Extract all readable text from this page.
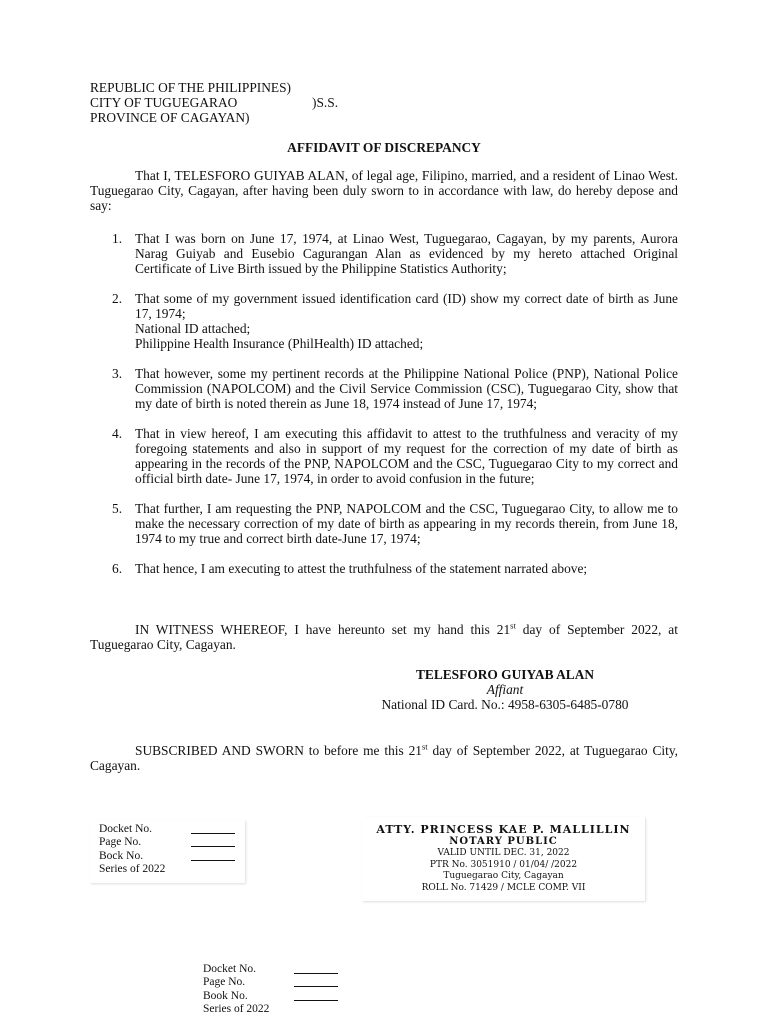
REPUBLIC OF THE PHILIPPINES)
CITY OF TUGUEGARAO	)S.S.
PROVINCE OF CAGAYAN)
AFFIDAVIT OF DISCREPANCY

That I, TELESFORO GUIYAB ALAN, of legal age, Filipino, married, and a resident of Linao West. Tuguegarao City, Cagayan, after having been duly sworn to in accordance with law, do hereby depose and say:

1. That I was born on June 17, 1974, at Linao West, Tuguegarao, Cagayan, by my parents, Aurora Narag Guiyab and Eusebio Cagurangan Alan as evidenced by my hereto attached Original Certificate of Live Birth issued by the Philippine Statistics Authority;
2. That some of my government issued identification card (ID) show my correct date of birth as June 17, 1974;
National ID attached;
Philippine Health Insurance (PhilHealth) ID attached;
3. That however, some my pertinent records at the Philippine National Police (PNP), National Police Commission (NAPOLCOM) and the Civil Service Commission (CSC), Tuguegarao City, show that my date of birth is noted therein as June 18, 1974 instead of June 17, 1974;
4. That in view hereof, I am executing this affidavit to attest to the truthfulness and veracity of my foregoing statements and also in support of my request for the correction of my date of birth as appearing in the records of the PNP, NAPOLCOM and the CSC, Tuguegarao City to my correct and official birth date- June 17, 1974, in order to avoid confusion in the future;
5. That further, I am requesting the PNP, NAPOLCOM and the CSC, Tuguegarao City, to allow me to make the necessary correction of my date of birth as appearing in my records therein, from June 18, 1974 to my true and correct birth date-June 17, 1974;
6. That hence, I am executing to attest the truthfulness of the statement narrated above;

IN WITNESS WHEREOF, I have hereunto set my hand this 21st day of September 2022, at Tuguegarao City, Cagayan.

TELESFORO GUIYAB ALAN
Affiant
National ID Card. No.: 4958-6305-6485-0780

SUBSCRIBED AND SWORN to before me this 21st day of September 2022, at Tuguegarao City, Cagayan.

Docket No.
Page No.
Bock No.
Series of 2022
ATTY. PRINCESS KAE P. MALLILLIN
NOTARY PUBLIC
VALID UNTIL DEC. 31, 2022
PTR No. 3051910 / 01/04/ /2022
Tuguegarao City, Cagayan
ROLL No. 71429 / MCLE COMP. VII
Docket No.
Page No.
Book No.
Series of 2022
